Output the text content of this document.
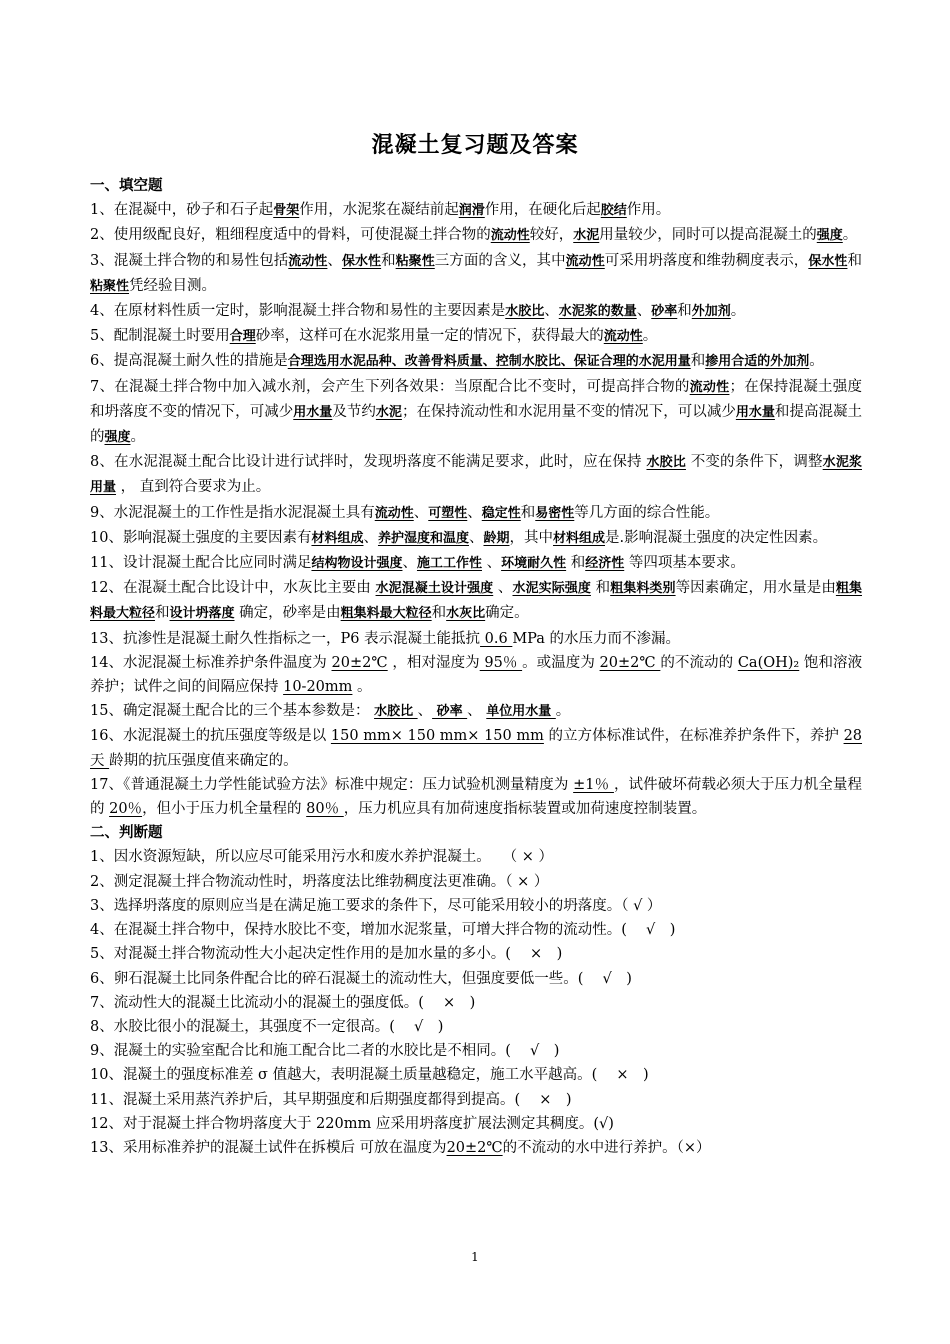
混凝土复习题及答案

一、填空题

1、在混凝中，砂子和石子起骨架作用，水泥浆在凝结前起润滑作用，在硬化后起胶结作用。

2、使用级配良好，粗细程度适中的骨料，可使混凝土拌合物的流动性较好，水泥用量较少，同时可以提高混凝土的强度。

3、混凝土拌合物的和易性包括流动性、保水性和粘聚性三方面的含义，其中流动性可采用坍落度和维勃稠度表示，保水性和粘聚性凭经验目测。

4、在原材料性质一定时，影响混凝土拌合物和易性的主要因素是水胶比、水泥浆的数量、砂率和外加剂。

5、配制混凝土时要用合理砂率，这样可在水泥浆用量一定的情况下，获得最大的流动性。

6、提高混凝土耐久性的措施是合理选用水泥品种、改善骨料质量、控制水胶比、保证合理的水泥用量和掺用合适的外加剂。

7、在混凝土拌合物中加入减水剂，会产生下列各效果：当原配合比不变时，可提高拌合物的流动性；在保持混凝土强度和坍落度不变的情况下，可减少用水量及节约水泥；在保持流动性和水泥用量不变的情况下，可以减少用水量和提高混凝土的强度。

8、在水泥混凝土配合比设计进行试拌时，发现坍落度不能满足要求，此时，应在保持 水胶比 不变的条件下，调整水泥浆用量 ， 直到符合要求为止。

9、水泥混凝土的工作性是指水泥混凝土具有流动性、可塑性、稳定性和易密性等几方面的综合性能。

10、影响混凝土强度的主要因素有材料组成、养护湿度和温度、龄期，其中材料组成是.影响混凝土强度的决定性因素。

11、设计混凝土配合比应同时满足结构物设计强度、施工工作性 、环境耐久性 和经济性 等四项基本要求。

12、在混凝土配合比设计中，水灰比主要由 水泥混凝土设计强度 、水泥实际强度 和粗集料类别等因素确定，用水量是由粗集料最大粒径和设计坍落度 确定，砂率是由粗集料最大粒径和水灰比确定。

13、抗渗性是混凝土耐久性指标之一，P6 表示混凝土能抵抗 0.6 MPa 的水压力而不渗漏。

14、水泥混凝土标准养护条件温度为 20±2℃ ，相对湿度为 95％ 。或温度为 20±2℃ 的不流动的 Ca(OH)₂ 饱和溶液养护；试件之间的间隔应保持 10-20mm 。

15、确定混凝土配合比的三个基本参数是： 水胶比 、 砂率 、 单位用水量 。

16、水泥混凝土的抗压强度等级是以 150 mm× 150 mm× 150 mm 的立方体标准试件，在标准养护条件下，养护 28 天 龄期的抗压强度值来确定的。

17、《普通混凝土力学性能试验方法》标准中规定：压力试验机测量精度为 ±1％ ，试件破坏荷载必须大于压力机全量程的 20％，但小于压力机全量程的 80％ ，压力机应具有加荷速度指标装置或加荷速度控制装置。

二、判断题

1、因水资源短缺，所以应尽可能采用污水和废水养护混凝土。　 （ × ）

2、测定混凝土拌合物流动性时，坍落度法比维勃稠度法更准确。（ × ）

3、选择坍落度的原则应当是在满足施工要求的条件下，尽可能采用较小的坍落度。（ √ ）

4、在混凝土拌合物中，保持水胶比不变，增加水泥浆量，可增大拌合物的流动性。(　 √　)

5、对混凝土拌合物流动性大小起决定性作用的是加水量的多小。(　 ×　)

6、卵石混凝土比同条件配合比的碎石混凝土的流动性大，但强度要低一些。(　 √　)

7、流动性大的混凝土比流动小的混凝土的强度低。(　 ×　)

8、水胶比很小的混凝土，其强度不一定很高。(　 √　)

9、混凝土的实验室配合比和施工配合比二者的水胶比是不相同。(　 √　)

10、混凝土的强度标准差 σ 值越大，表明混凝土质量越稳定，施工水平越高。(　 ×　)

11、混凝土采用蒸汽养护后，其早期强度和后期强度都得到提高。(　 ×　)

12、对于混凝土拌合物坍落度大于 220mm 应采用坍落度扩展法测定其稠度。(√)

13、采用标准养护的混凝土试件在拆模后 可放在温度为20±2℃的不流动的水中进行养护。（×）

1
